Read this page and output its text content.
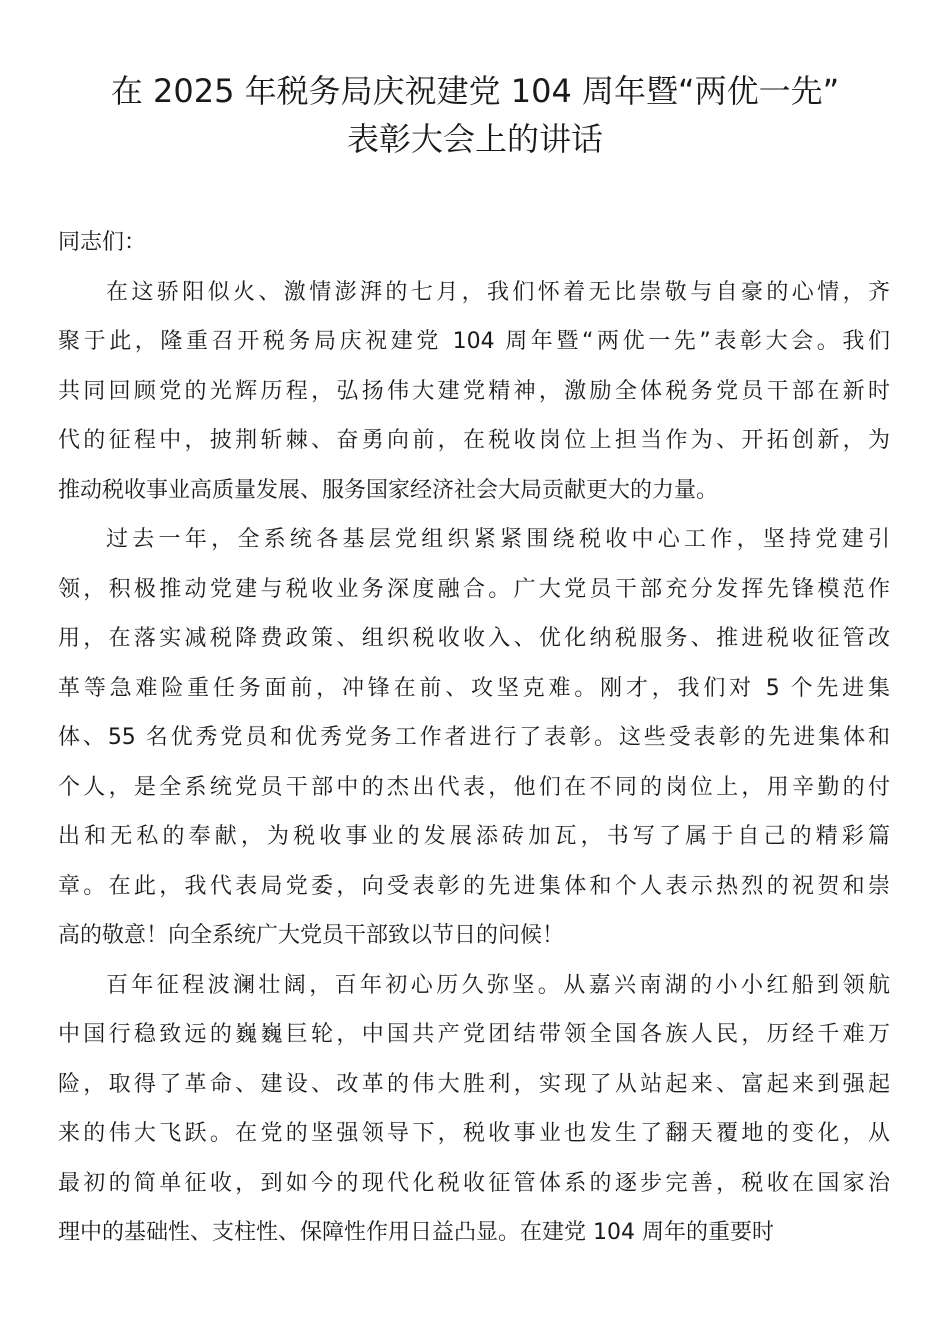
在 2025 年税务局庆祝建党 104 周年暨“两优一先”
表彰大会上的讲话

同志们：

在这骄阳似火、激情澎湃的七月，我们怀着无比崇敬与自豪的心情，齐
聚于此，隆重召开税务局庆祝建党 104 周年暨“两优一先”表彰大会。我们
共同回顾党的光辉历程，弘扬伟大建党精神，激励全体税务党员干部在新时
代的征程中，披荆斩棘、奋勇向前，在税收岗位上担当作为、开拓创新，为
推动税收事业高质量发展、服务国家经济社会大局贡献更大的力量。

过去一年，全系统各基层党组织紧紧围绕税收中心工作，坚持党建引
领，积极推动党建与税收业务深度融合。广大党员干部充分发挥先锋模范作
用，在落实减税降费政策、组织税收收入、优化纳税服务、推进税收征管改
革等急难险重任务面前，冲锋在前、攻坚克难。刚才，我们对 5 个先进集
体、55 名优秀党员和优秀党务工作者进行了表彰。这些受表彰的先进集体和
个人，是全系统党员干部中的杰出代表，他们在不同的岗位上，用辛勤的付
出和无私的奉献，为税收事业的发展添砖加瓦，书写了属于自己的精彩篇
章。在此，我代表局党委，向受表彰的先进集体和个人表示热烈的祝贺和崇
高的敬意！向全系统广大党员干部致以节日的问候！

百年征程波澜壮阔，百年初心历久弥坚。从嘉兴南湖的小小红船到领航
中国行稳致远的巍巍巨轮，中国共产党团结带领全国各族人民，历经千难万
险，取得了革命、建设、改革的伟大胜利，实现了从站起来、富起来到强起
来的伟大飞跃。在党的坚强领导下，税收事业也发生了翻天覆地的变化，从
最初的简单征收，到如今的现代化税收征管体系的逐步完善，税收在国家治
理中的基础性、支柱性、保障性作用日益凸显。在建党 104 周年的重要时
